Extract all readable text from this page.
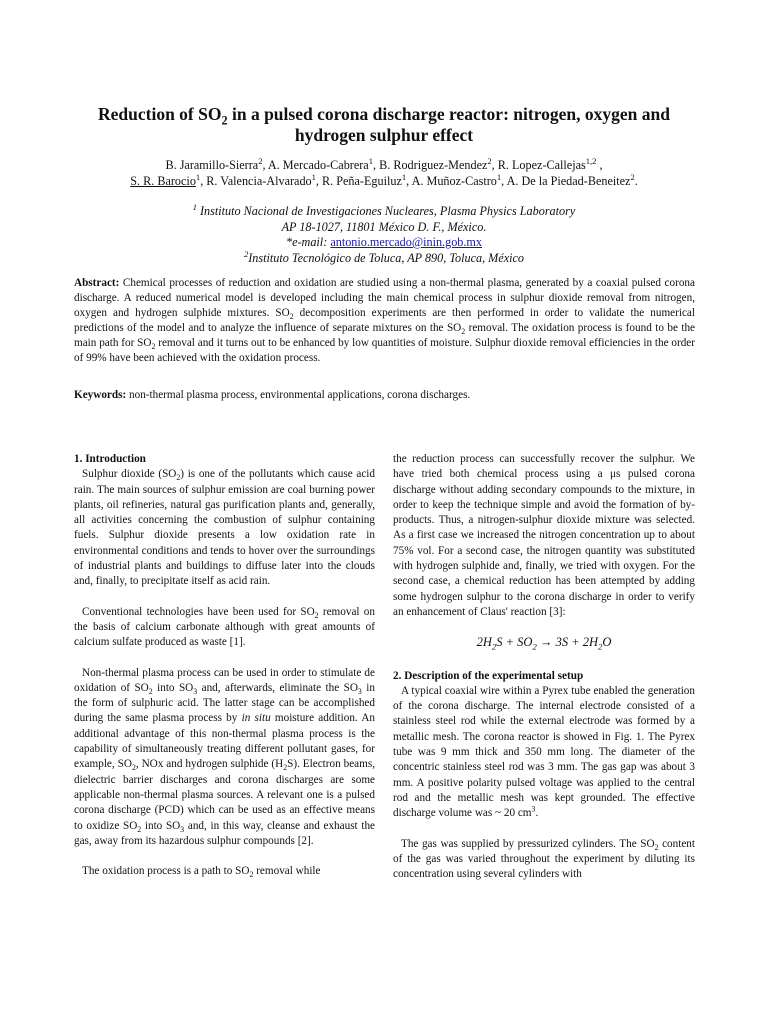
Reduction of $SO_2$ in a pulsed corona discharge reactor: nitrogen, oxygen and
hydrogen sulphur effect
B. Jaramillo-Sierra$^2$, A. Mercado-Cabrera$^1$, B. Rodriguez-Mendez$^2$, R. Lopez-Callejas$^{1,2}$ ,
S. R. Barocio$^1$, R. Valencia-Alvarado$^1$, R. Peña-Eguiluz$^1$, A. Muñoz-Castro$^1$, A. De la Piedad-Beneitez$^2$.
$^1$ Instituto Nacional de Investigaciones Nucleares, Plasma Physics Laboratory
AP 18-1027, 11801 México D. F., México.
*e-mail: antonio.mercado@inin.gob.mx
$^2$Instituto Tecnológico de Toluca, AP 890, Toluca, México
Abstract: Chemical processes of reduction and oxidation are studied using a non-thermal plasma, generated by a coaxial pulsed corona discharge. A reduced numerical model is developed including the main chemical process in sulphur dioxide removal from nitrogen, oxygen and hydrogen sulphide mixtures. $SO_2$ decomposition experiments are then performed in order to validate the numerical predictions of the model and to analyze the influence of separate mixtures on the $SO_2$ removal. The oxidation process is found to be the main path for $SO_2$ removal and it turns out to be enhanced by low quantities of moisture. Sulphur dioxide removal efficiencies in the order of 99% have been achieved with the oxidation process.
Keywords: non-thermal plasma process, environmental applications, corona discharges.
1. Introduction

Sulphur dioxide $(SO_2)$ is one of the pollutants which cause acid rain. The main sources of sulphur emission are coal burning power plants, oil refineries, natural gas purification plants and, generally, all activities concerning the combustion of sulphur containing fuels. Sulphur dioxide presents a low oxidation rate in environmental conditions and tends to hover over the surroundings of industrial plants and buildings to diffuse later into the clouds and, finally, to precipitate itself as acid rain.

Conventional technologies have been used for $SO_2$ removal on the basis of calcium carbonate although with great amounts of calcium sulfate produced as waste [1].

Non-thermal plasma process can be used in order to stimulate de oxidation of $SO_2$ into $SO_3$ and, afterwards, eliminate the $SO_3$ in the form of sulphuric acid. The latter stage can be accomplished during the same plasma process by in situ moisture addition. An additional advantage of this non-thermal plasma process is the capability of simultaneously treating different pollutant gases, for example, $SO_2$, NOx and hydrogen sulphide $(H_2S)$. Electron beams, dielectric barrier discharges and corona discharges are some applicable non-thermal plasma sources. A relevant one is a pulsed corona discharge (PCD) which can be used as an effective means to oxidize $SO_2$ into $SO_3$ and, in this way, cleanse and exhaust the gas, away from its hazardous sulphur compounds [2].

The oxidation process is a path to $SO_2$ removal while

the reduction process can successfully recover the sulphur. We have tried both chemical process using a μs pulsed corona discharge without adding secondary compounds to the mixture, in order to keep the technique simple and avoid the formation of by-products. Thus, a nitrogen-sulphur dioxide mixture was selected. As a first case we increased the nitrogen concentration up to about 75% vol. For a second case, the nitrogen quantity was substituted with hydrogen sulphide and, finally, we tried with oxygen. For the second case, a chemical reduction has been attempted by adding some hydrogen sulphur to the corona discharge in order to verify an enhancement of Claus' reaction [3]:

$2H_2S + SO_2 \to 3S + 2H_2O$
2. Description of the experimental setup

A typical coaxial wire within a Pyrex tube enabled the generation of the corona discharge. The internal electrode consisted of a stainless steel rod while the external electrode was formed by a metallic mesh. The corona reactor is showed in Fig. 1. The Pyrex tube was 9 mm thick and 350 mm long. The diameter of the concentric stainless steel rod was 3 mm. The gas gap was about 3 mm. A positive polarity pulsed voltage was applied to the central rod and the metallic mesh was kept grounded. The effective discharge volume was ~ 20 $cm^3$.

The gas was supplied by pressurized cylinders. The $SO_2$ content of the gas was varied throughout the experiment by diluting its concentration using several cylinders with
